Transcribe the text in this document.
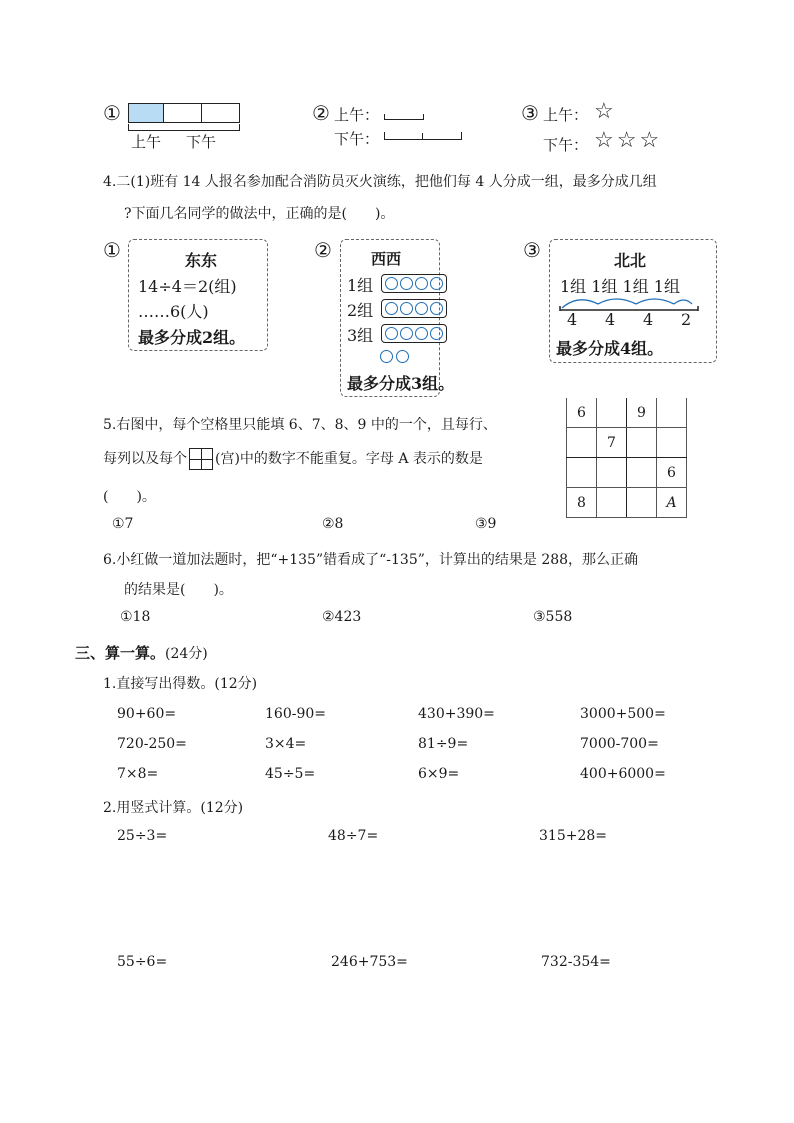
①
上午 下午
② 上午：
下午：
③ 上午： ☆
下午： ☆☆☆
4.二(1)班有 14 人报名参加配合消防员灭火演练，把他们每 4 人分成一组，最多分成几组
?下面几名同学的做法中，正确的是(　　)。
①	东东
14÷4＝2(组)
……6(人)
最多分成2组。
②	西西
1组
2组
3组
最多分成3组。
③	北北
1组 1组 1组 1组
4 4 4 2
最多分成4组。
5.右图中，每个空格里只能填 6、7、8、9 中的一个，且每行、
每列以及每个 (宫)中的数字不能重复。字母 A 表示的数是
(　　)。
6		9	
	7		
			6
8			A
①7	②8	③9
6.小红做一道加法题时，把“+135”错看成了“-135”，计算出的结果是 288，那么正确
的结果是(　　)。
①18	②423	③558
三、算一算。(24分)
1.直接写出得数。(12分)
90+60=	160-90=	430+390=	3000+500=
720-250=	3×4=	81÷9=	7000-700=
7×8=	45÷5=	6×9=	400+6000=
2.用竖式计算。(12分)
25÷3=	48÷7=	315+28=
55÷6=	246+753=	732-354=
